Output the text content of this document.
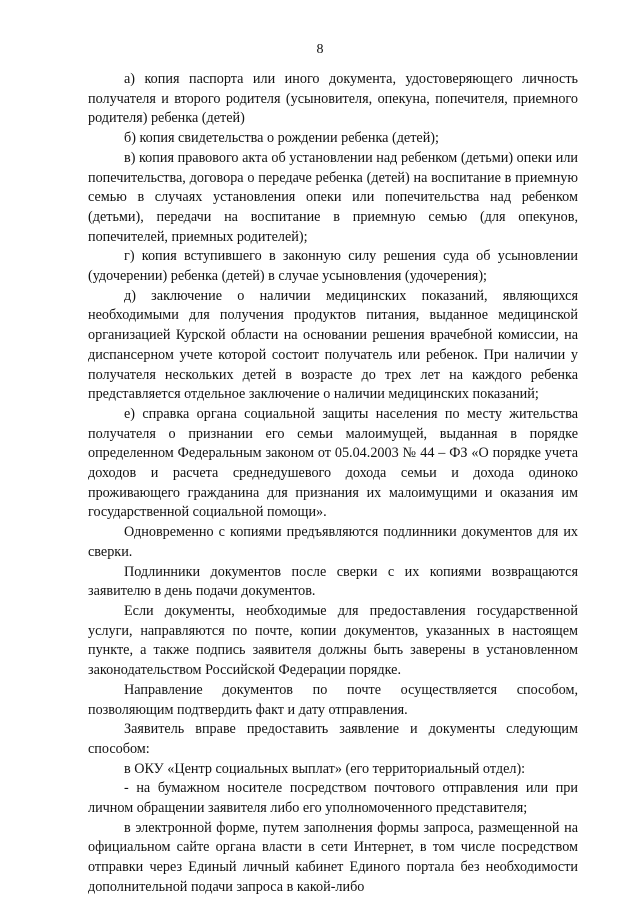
8

а) копия паспорта или иного документа, удостоверяющего личность получателя и второго родителя (усыновителя, опекуна, попечителя, приемного родителя) ребенка (детей)

б) копия свидетельства о рождении ребенка (детей);

в) копия правового акта об установлении над ребенком (детьми) опеки или попечительства, договора о передаче ребенка (детей) на воспитание в приемную семью в случаях установления опеки или попечительства над ребенком (детьми), передачи на воспитание в приемную семью (для опекунов, попечителей, приемных родителей);

г) копия вступившего в законную силу решения суда об усыновлении (удочерении) ребенка (детей) в случае усыновления (удочерения);

д) заключение о наличии медицинских показаний, являющихся необходимыми для получения продуктов питания, выданное медицинской организацией Курской области на основании решения врачебной комиссии, на диспансерном учете которой состоит получатель или ребенок. При наличии у получателя нескольких детей в возрасте до трех лет на каждого ребенка представляется отдельное заключение о наличии медицинских показаний;

е) справка органа социальной защиты населения по месту жительства получателя о признании его семьи малоимущей, выданная в порядке определенном Федеральным законом от 05.04.2003 № 44 – ФЗ «О порядке учета доходов и расчета среднедушевого дохода семьи и дохода одиноко проживающего гражданина для признания их малоимущими и оказания им государственной социальной помощи».

Одновременно с копиями предъявляются подлинники документов для их сверки.

Подлинники документов после сверки с их копиями возвращаются заявителю в день подачи документов.

Если документы, необходимые для предоставления государственной услуги, направляются по почте, копии документов, указанных в настоящем пункте, а также подпись заявителя должны быть заверены в установленном законодательством Российской Федерации порядке.

Направление документов по почте осуществляется способом, позволяющим подтвердить факт и дату отправления.

Заявитель вправе предоставить заявление и документы следующим способом:

в ОКУ «Центр социальных выплат» (его территориальный отдел):

- на бумажном носителе посредством почтового отправления или при личном обращении заявителя либо его уполномоченного представителя;

в электронной форме, путем заполнения формы запроса, размещенной на официальном сайте органа власти в сети Интернет, в том числе посредством отправки через Единый личный кабинет Единого портала без необходимости дополнительной подачи запроса в какой-либо
